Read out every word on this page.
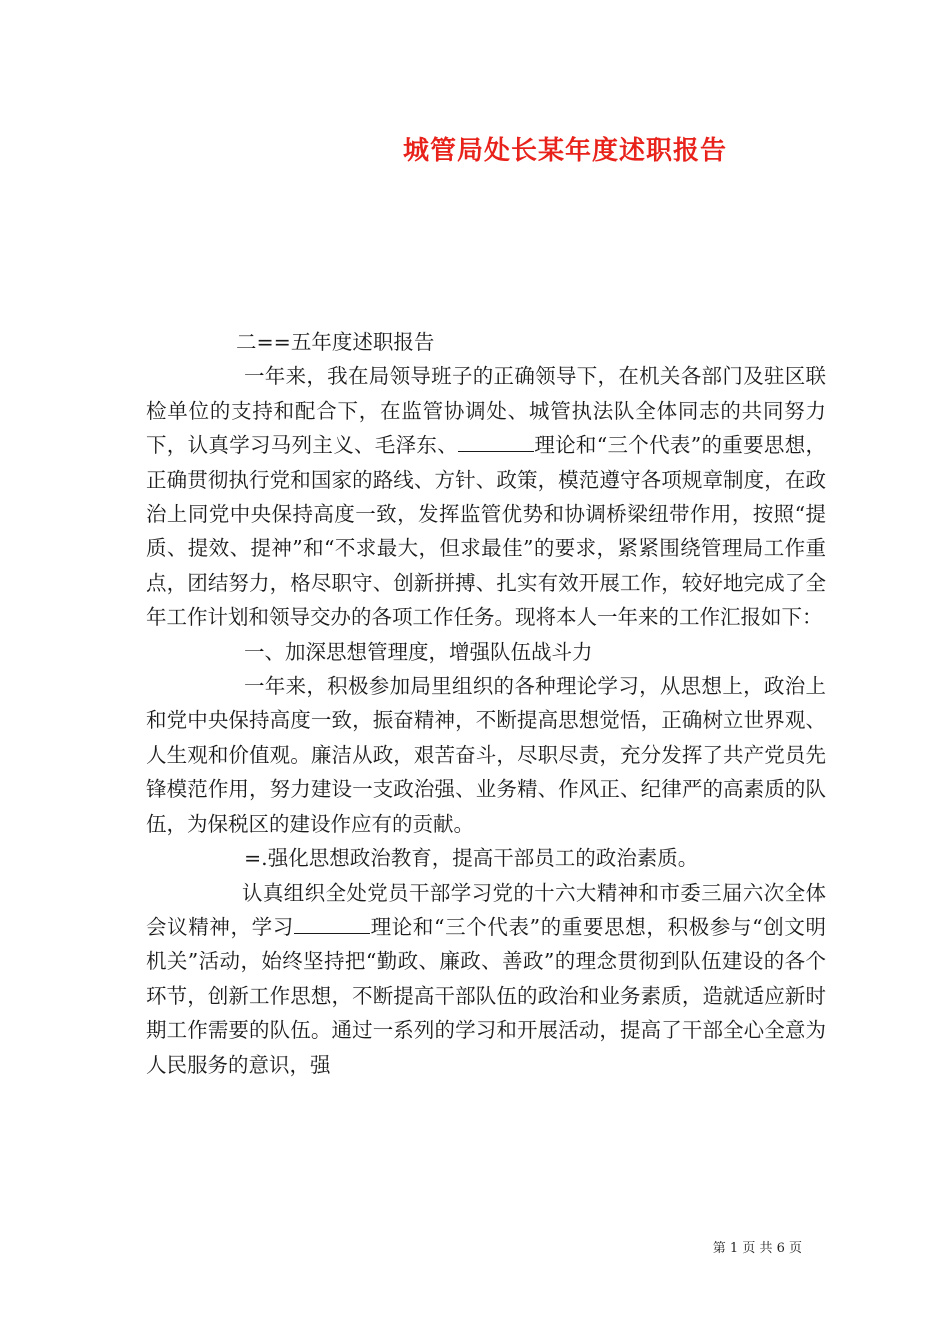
城管局处长某年度述职报告

二==五年度述职报告

一年来，我在局领导班子的正确领导下，在机关各部门及驻区联检单位的支持和配合下，在监管协调处、城管执法队全体同志的共同努力下，认真学习马列主义、毛泽东、	理论和“三个代表”的重要思想，正确贯彻执行党和国家的路线、方针、政策，模范遵守各项规章制度，在政治上同党中央保持高度一致，发挥监管优势和协调桥梁纽带作用，按照“提质、提效、提神”和“不求最大，但求最佳”的要求，紧紧围绕管理局工作重点，团结努力，格尽职守、创新拼搏、扎实有效开展工作，较好地完成了全年工作计划和领导交办的各项工作任务。现将本人一年来的工作汇报如下：

一、加深思想管理度，增强队伍战斗力

一年来，积极参加局里组织的各种理论学习，从思想上，政治上和党中央保持高度一致，振奋精神，不断提高思想觉悟，正确树立世界观、人生观和价值观。廉洁从政，艰苦奋斗，尽职尽责，充分发挥了共产党员先锋模范作用，努力建设一支政治强、业务精、作风正、纪律严的高素质的队伍，为保税区的建设作应有的贡献。

=.强化思想政治教育，提高干部员工的政治素质。

认真组织全处党员干部学习党的十六大精神和市委三届六次全体会议精神，学习	理论和“三个代表”的重要思想，积极参与“创文明机关”活动，始终坚持把“勤政、廉政、善政”的理念贯彻到队伍建设的各个环节，创新工作思想，不断提高干部队伍的政治和业务素质，造就适应新时期工作需要的队伍。通过一系列的学习和开展活动，提高了干部全心全意为人民服务的意识，强

第 1 页 共 6 页
